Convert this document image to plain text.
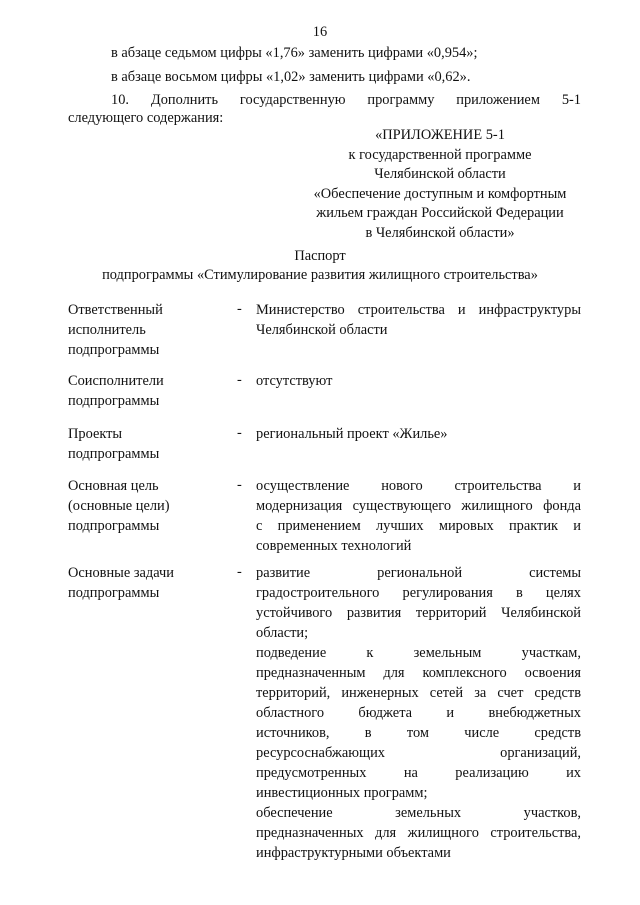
16
в абзаце седьмом цифры «1,76» заменить цифрами «0,954»;
в абзаце восьмом цифры «1,02» заменить цифрами «0,62».
10. Дополнить государственную программу приложением 5-1
следующего содержания:
«ПРИЛОЖЕНИЕ 5-1
к государственной программе
Челябинской области
«Обеспечение доступным и комфортным
жильем граждан Российской Федерации
в Челябинской области»
Паспорт
подпрограммы «Стимулирование развития жилищного строительства»
Ответственный
исполнитель
подпрограммы
- Министерство строительства и инфраструктуры
Челябинской области
Соисполнители
подпрограммы
- отсутствуют
Проекты
подпрограммы
- региональный проект «Жилье»
Основная цель
(основные цели)
подпрограммы
- осуществление нового строительства и
модернизация существующего жилищного фонда
с применением лучших мировых практик и
современных технологий
Основные задачи
подпрограммы
- развитие региональной системы
градостроительного регулирования в целях
устойчивого развития территорий Челябинской
области;
подведение к земельным участкам,
предназначенным для комплексного освоения
территорий, инженерных сетей за счет средств
областного бюджета и внебюджетных
источников, в том числе средств
ресурсоснабжающих организаций,
предусмотренных на реализацию их
инвестиционных программ;
обеспечение земельных участков,
предназначенных для жилищного строительства,
инфраструктурными объектами
